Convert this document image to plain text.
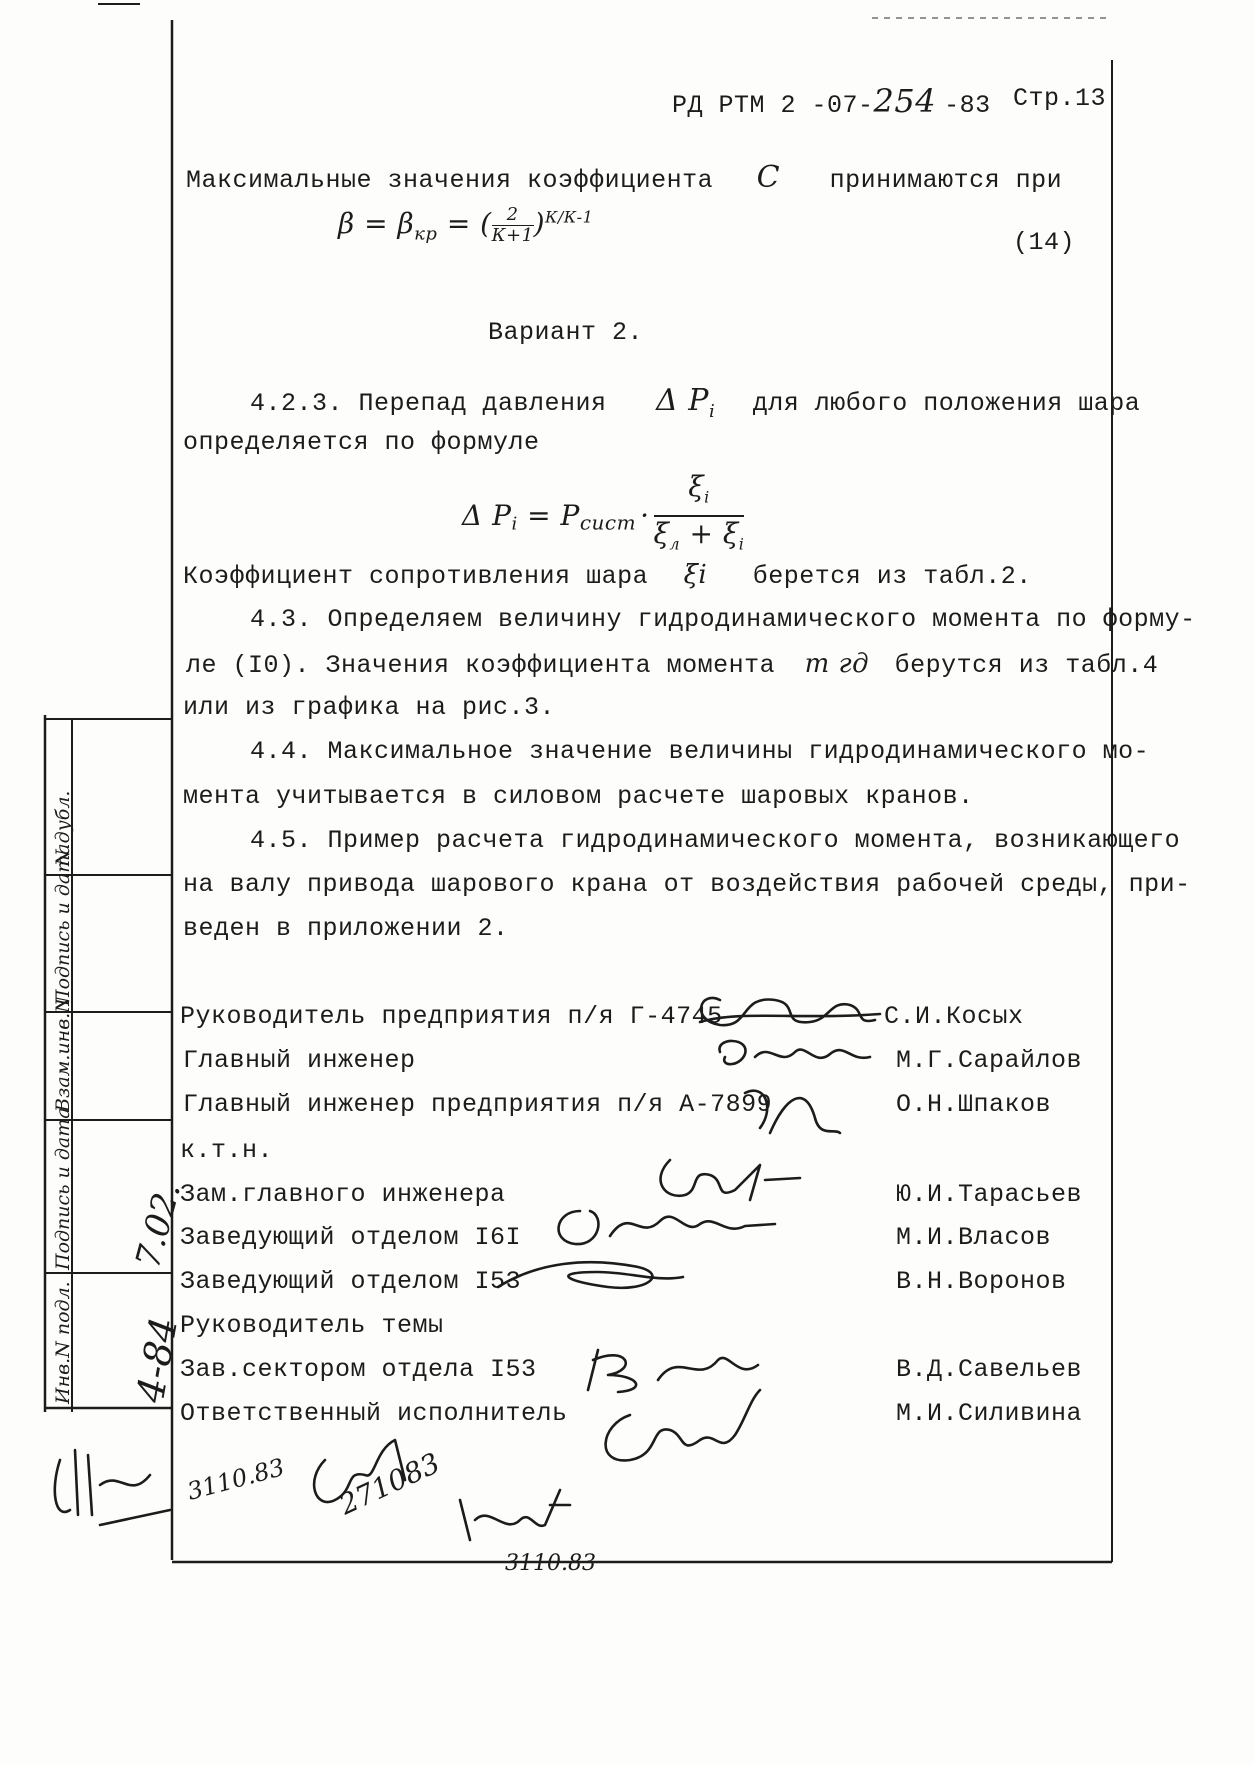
РД РТМ 2 -07-254 -83 Стр.13
Максимальные значения коэффициента C принимаются при
$\beta = \beta_{кр}$ = ( 2
К+1 )$^{К/К-1}$
(14)
Вариант 2.
4.2.3. Перепад давления Δ $P_i$ для любого положения шара
определяется по формуле
Δ $P_i = P_{сист}$ ·
$\xi_i$
$\xi_л + \xi_i$
Коэффициент сопротивления шара ξi берется из табл.2.
4.3. Определяем величину гидродинамического момента по форму-
ле (I0). Значения коэффициента момента m гд берутся из табл.4
или из графика на рис.3.
4.4. Максимальное значение величины гидродинамического мо-
мента учитывается в силовом расчете шаровых кранов.
4.5. Пример расчета гидродинамического момента, возникающего
на валу привода шарового крана от воздействия рабочей среды, при-
веден в приложении 2.
Руководитель предприятия п/я Г-4745
Главный инженер
Главный инженер предприятия п/я А-7899
к.т.н.
Зам.главного инженера
Заведующий отделом I6I
Заведующий отделом I53
Руководитель темы
Зав.сектором отдела I53
Ответственный исполнитель
С.И.Косых
М.Г.Сарайлов
О.Н.Шпаков
Ю.И.Тарасьев
М.И.Власов
В.Н.Воронов
В.Д.Савельев
М.И.Силивина
Инв.N подл.
Подпись и дата
Взам.инв.N
Подпись и дата
N дубл.
4-84
7.02.
3110.83 271083
3110.83
